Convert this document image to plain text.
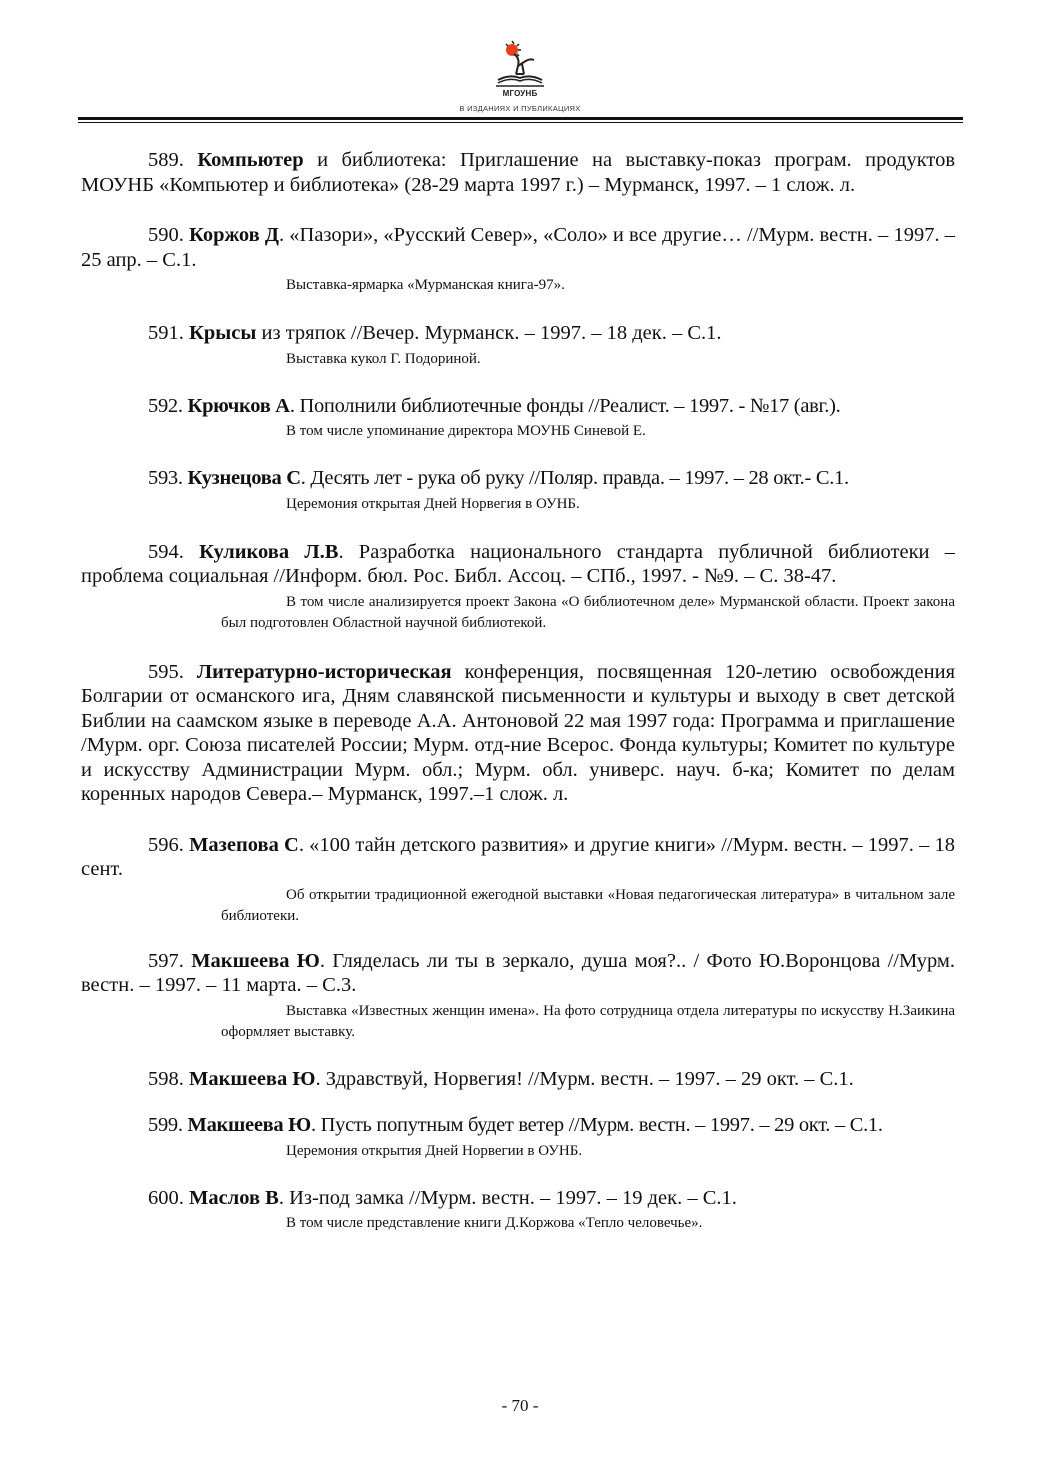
МГОУНБ
В ИЗДАНИЯХ И ПУБЛИКАЦИЯХ

589. Компьютер и библиотека: Приглашение на выставку-показ програм. продуктов МОУНБ «Компьютер и библиотека» (28-29 марта 1997 г.) – Мурманск, 1997. – 1 слож. л.

590. Коржов Д. «Пазори», «Русский Север», «Соло» и все другие… //Мурм. вестн. – 1997. – 25 апр. – С.1.

Выставка-ярмарка «Мурманская книга-97».

591. Крысы из тряпок //Вечер. Мурманск. – 1997. – 18 дек. – С.1.

Выставка кукол Г. Подориной.

592. Крючков А. Пополнили библиотечные фонды //Реалист. – 1997. - №17 (авг.).

В том числе упоминание директора МОУНБ Синевой Е.

593. Кузнецова С. Десять лет - рука об руку //Поляр. правда. – 1997. – 28 окт.- С.1.

Церемония открытая Дней Норвегия в ОУНБ.

594. Куликова Л.В. Разработка национального стандарта публичной библиотеки – проблема социальная //Информ. бюл. Рос. Библ. Ассоц. – СПб., 1997. - №9. – С. 38-47.

В том числе анализируется проект Закона «О библиотечном деле» Мурманской области. Проект закона был подготовлен Областной научной библиотекой.

595. Литературно-историческая конференция, посвященная 120-летию освобождения Болгарии от османского ига, Дням славянской письменности и культуры и выходу в свет детской Библии на саамском языке в переводе А.А. Антоновой 22 мая 1997 года: Программа и приглашение /Мурм. орг. Союза писателей России; Мурм. отд-ние Всерос. Фонда культуры; Комитет по культуре и искусству Администрации Мурм. обл.; Мурм. обл. универс. науч. б-ка; Комитет по делам коренных народов Севера.– Мурманск, 1997.–1 слож. л.

596. Мазепова С. «100 тайн детского развития» и другие книги» //Мурм. вестн. – 1997. – 18 сент.

Об открытии традиционной ежегодной выставки «Новая педагогическая литература» в читальном зале библиотеки.

597. Макшеева Ю. Гляделась ли ты в зеркало, душа моя?.. / Фото Ю.Воронцова //Мурм. вестн. – 1997. – 11 марта. – С.3.

Выставка «Известных женщин имена». На фото сотрудница отдела литературы по искусству Н.Заикина оформляет выставку.

598. Макшеева Ю. Здравствуй, Норвегия! //Мурм. вестн. – 1997. – 29 окт. – С.1.

599. Макшеева Ю. Пусть попутным будет ветер //Мурм. вестн. – 1997. – 29 окт. – С.1.

Церемония открытия Дней Норвегии в ОУНБ.

600. Маслов В. Из-под замка //Мурм. вестн. – 1997. – 19 дек. – С.1.

В том числе представление книги Д.Коржова «Тепло человечье».

- 70 -
